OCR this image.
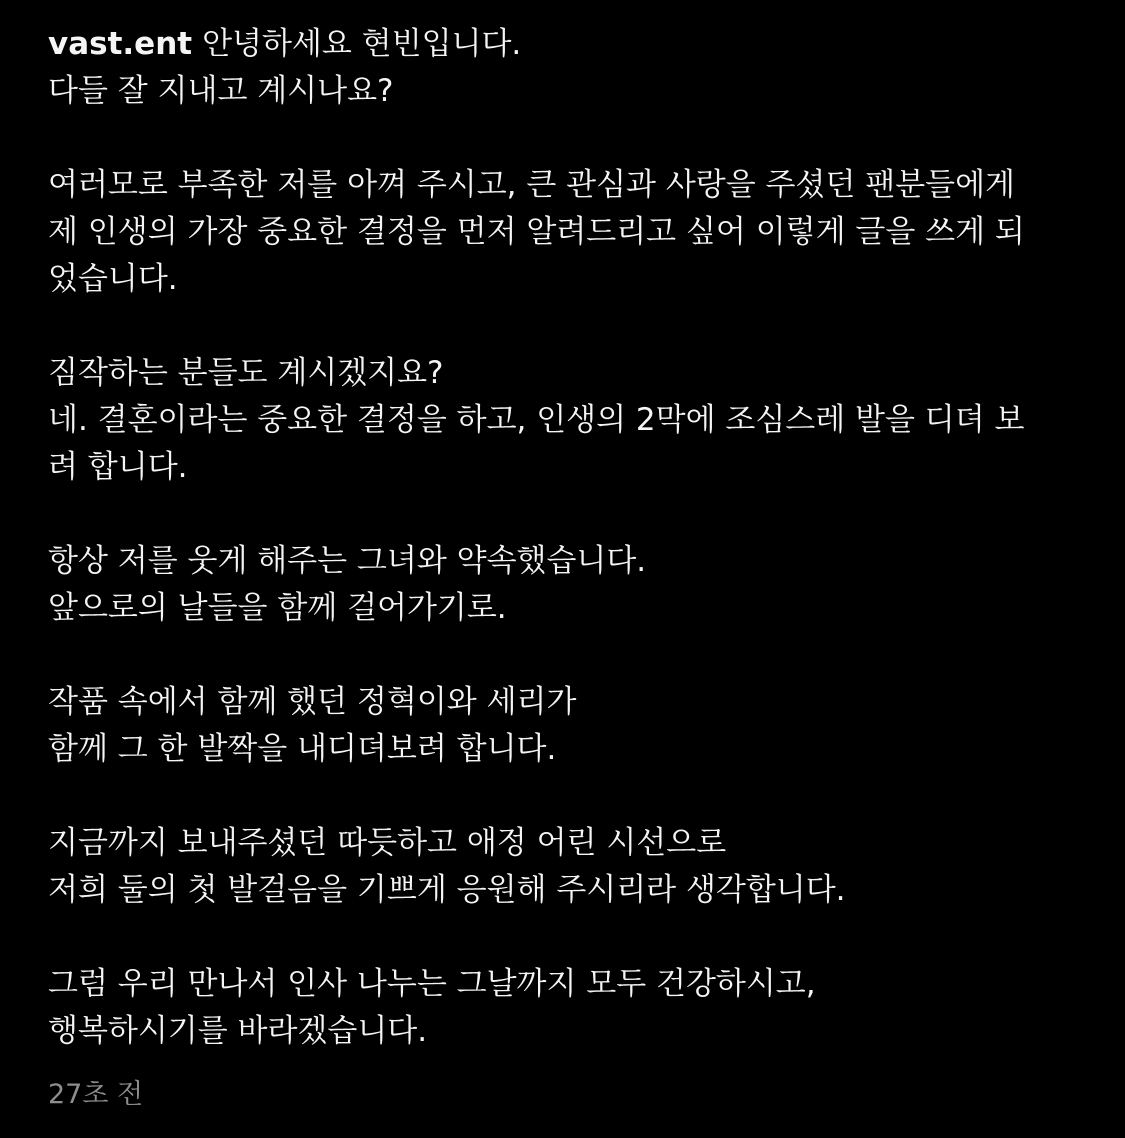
vast.ent 안녕하세요 현빈입니다.
다들 잘 지내고 계시나요?
여러모로 부족한 저를 아껴 주시고, 큰 관심과 사랑을 주셨던 팬분들에게
제 인생의 가장 중요한 결정을 먼저 알려드리고 싶어 이렇게 글을 쓰게 되
었습니다.
짐작하는 분들도 계시겠지요?
네. 결혼이라는 중요한 결정을 하고, 인생의 2막에 조심스레 발을 디뎌 보
려 합니다.
항상 저를 웃게 해주는 그녀와 약속했습니다.
앞으로의 날들을 함께 걸어가기로.
작품 속에서 함께 했던 정혁이와 세리가
함께 그 한 발짝을 내디뎌보려 합니다.
지금까지 보내주셨던 따듯하고 애정 어린 시선으로
저희 둘의 첫 발걸음을 기쁘게 응원해 주시리라 생각합니다.
그럼 우리 만나서 인사 나누는 그날까지 모두 건강하시고,
행복하시기를 바라겠습니다.
27초 전
